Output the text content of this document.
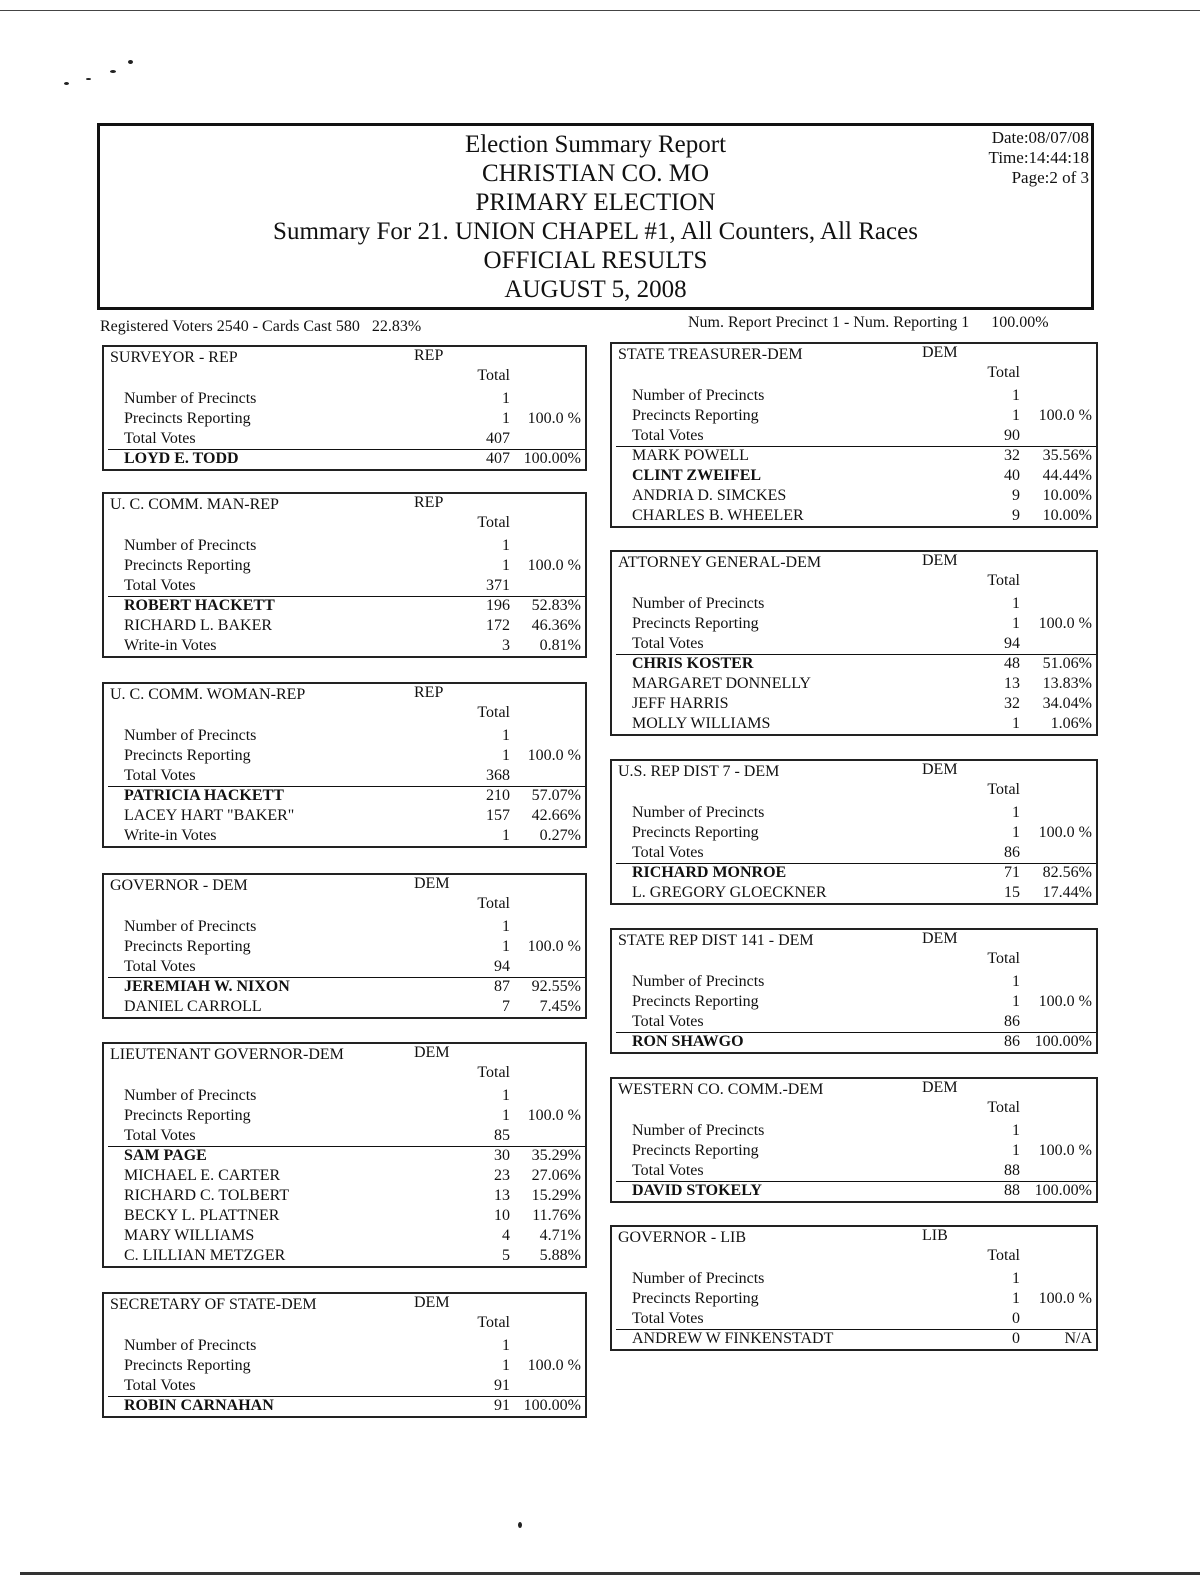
Election Summary Report
CHRISTIAN CO. MO
PRIMARY ELECTION
Summary For 21. UNION CHAPEL #1, All Counters, All Races
OFFICIAL RESULTS
AUGUST 5, 2008
Date:08/07/08
Time:14:44:18
Page:2 of 3
Registered Voters 2540 - Cards Cast 580 22.83%	Num. Report Precinct 1 - Num. Reporting 1 100.00%
SURVEYOR - REP	REP
Total
Number of Precincts	1
Precincts Reporting	1 100.0 %
Total Votes	407
LOYD E. TODD	407 100.00%
U. C. COMM. MAN-REP	REP
Total
Number of Precincts	1
Precincts Reporting	1 100.0 %
Total Votes	371
ROBERT HACKETT	196 52.83%
RICHARD L. BAKER	172 46.36%
Write-in Votes	3 0.81%
U. C. COMM. WOMAN-REP	REP
Total
Number of Precincts	1
Precincts Reporting	1 100.0 %
Total Votes	368
PATRICIA HACKETT	210 57.07%
LACEY HART "BAKER"	157 42.66%
Write-in Votes	1 0.27%
GOVERNOR - DEM	DEM
Total
Number of Precincts	1
Precincts Reporting	1 100.0 %
Total Votes	94
JEREMIAH W. NIXON	87 92.55%
DANIEL CARROLL	7 7.45%
LIEUTENANT GOVERNOR-DEM	DEM
Total
Number of Precincts	1
Precincts Reporting	1 100.0 %
Total Votes	85
SAM PAGE	30 35.29%
MICHAEL E. CARTER	23 27.06%
RICHARD C. TOLBERT	13 15.29%
BECKY L. PLATTNER	10 11.76%
MARY WILLIAMS	4 4.71%
C. LILLIAN METZGER	5 5.88%
SECRETARY OF STATE-DEM	DEM
Total
Number of Precincts	1
Precincts Reporting	1 100.0 %
Total Votes	91
ROBIN CARNAHAN	91 100.00%
STATE TREASURER-DEM	DEM
Total
Number of Precincts	1
Precincts Reporting	1 100.0 %
Total Votes	90
MARK POWELL	32 35.56%
CLINT ZWEIFEL	40 44.44%
ANDRIA D. SIMCKES	9 10.00%
CHARLES B. WHEELER	9 10.00%
ATTORNEY GENERAL-DEM	DEM
Total
Number of Precincts	1
Precincts Reporting	1 100.0 %
Total Votes	94
CHRIS KOSTER	48 51.06%
MARGARET DONNELLY	13 13.83%
JEFF HARRIS	32 34.04%
MOLLY WILLIAMS	1 1.06%
U.S. REP DIST 7 - DEM	DEM
Total
Number of Precincts	1
Precincts Reporting	1 100.0 %
Total Votes	86
RICHARD MONROE	71 82.56%
L. GREGORY GLOECKNER	15 17.44%
STATE REP DIST 141 - DEM	DEM
Total
Number of Precincts	1
Precincts Reporting	1 100.0 %
Total Votes	86
RON SHAWGO	86 100.00%
WESTERN CO. COMM.-DEM	DEM
Total
Number of Precincts	1
Precincts Reporting	1 100.0 %
Total Votes	88
DAVID STOKELY	88 100.00%
GOVERNOR - LIB	LIB
Total
Number of Precincts	1
Precincts Reporting	1 100.0 %
Total Votes	0
ANDREW W FINKENSTADT	0	N/A
